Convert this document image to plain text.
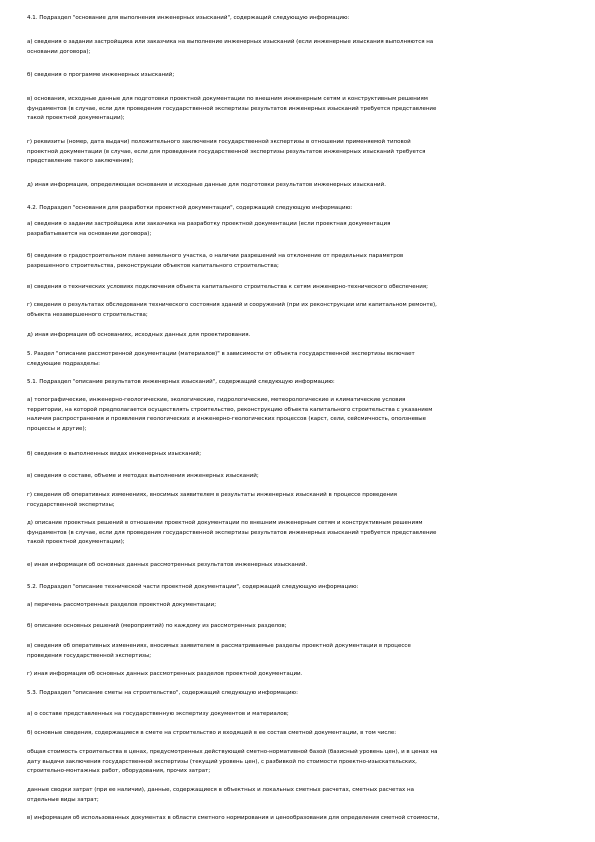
4.1. Подраздел "основание для выполнения инженерных изысканий", содержащий следующую информацию:

а) сведения о задании застройщика или заказчика на выполнение инженерных изысканий (если инженерные изыскания выполняются на
основании договора);

б) сведения о программе инженерных изысканий;

в) основания, исходные данные для подготовки проектной документации по внешним инженерным сетям и конструктивным решениям
фундаментов (в случае, если для проведения государственной экспертизы результатов инженерных изысканий требуется представление
такой проектной документации);

г) реквизиты (номер, дата выдачи) положительного заключения государственной экспертизы в отношении применяемой типовой
проектной документации (в случае, если для проведения государственной экспертизы результатов инженерных изысканий требуется
представление такого заключения);

д) иная информация, определяющая основания и исходные данные для подготовки результатов инженерных изысканий.

4.2. Подраздел "основания для разработки проектной документации", содержащий следующую информацию:

а) сведения о задании застройщика или заказчика на разработку проектной документации (если проектная документация
разрабатывается на основании договора);

б) сведения о градостроительном плане земельного участка, о наличии разрешений на отклонение от предельных параметров
разрешенного строительства, реконструкции объектов капитального строительства;

в) сведения о технических условиях подключения объекта капитального строительства к сетям инженерно-технического обеспечения;

г) сведения о результатах обследования технического состояния зданий и сооружений (при их реконструкции или капитальном ремонте),
объекта незавершенного строительства;

д) иная информация об основаниях, исходных данных для проектирования.

5. Раздел "описание рассмотренной документации (материалов)" в зависимости от объекта государственной экспертизы включает
следующие подразделы:

5.1. Подраздел "описание результатов инженерных изысканий", содержащий следующую информацию:

а) топографические, инженерно-геологические, экологические, гидрологические, метеорологические и климатические условия
территории, на которой предполагается осуществлять строительство, реконструкцию объекта капитального строительства с указанием
наличия распространения и проявления геологических и инженерно-геологических процессов (карст, сели, сейсмичность, оползневые
процессы и другие);

б) сведения о выполненных видах инженерных изысканий;

в) сведения о составе, объеме и методах выполнения инженерных изысканий;

г) сведения об оперативных изменениях, вносимых заявителем в результаты инженерных изысканий в процессе проведения
государственной экспертизы;

д) описание проектных решений в отношении проектной документации по внешним инженерным сетям и конструктивным решениям
фундаментов (в случае, если для проведения государственной экспертизы результатов инженерных изысканий требуется представление
такой проектной документации);

е) иная информация об основных данных рассмотренных результатов инженерных изысканий.

5.2. Подраздел "описание технической части проектной документации", содержащий следующую информацию:

а) перечень рассмотренных разделов проектной документации;

б) описание основных решений (мероприятий) по каждому из рассмотренных разделов;

в) сведения об оперативных изменениях, вносимых заявителем в рассматриваемые разделы проектной документации в процессе
проведения государственной экспертизы;

г) иная информация об основных данных рассмотренных разделов проектной документации.

5.3. Подраздел "описание сметы на строительство", содержащий следующую информацию:

а) о составе представленных на государственную экспертизу документов и материалов;

б) основные сведения, содержащиеся в смете на строительство и входящей в ее состав сметной документации, в том числе:

общая стоимость строительства в ценах, предусмотренных действующей сметно-нормативной базой (базисный уровень цен), и в ценах на
дату выдачи заключения государственной экспертизы (текущий уровень цен), с разбивкой по стоимости проектно-изыскательских,
строительно-монтажных работ, оборудования, прочих затрат;

данные сводки затрат (при ее наличии), данные, содержащиеся в объектных и локальных сметных расчетах, сметных расчетах на
отдельные виды затрат;

в) информация об использованных документах в области сметного нормирования и ценообразования для определения сметной стоимости,
